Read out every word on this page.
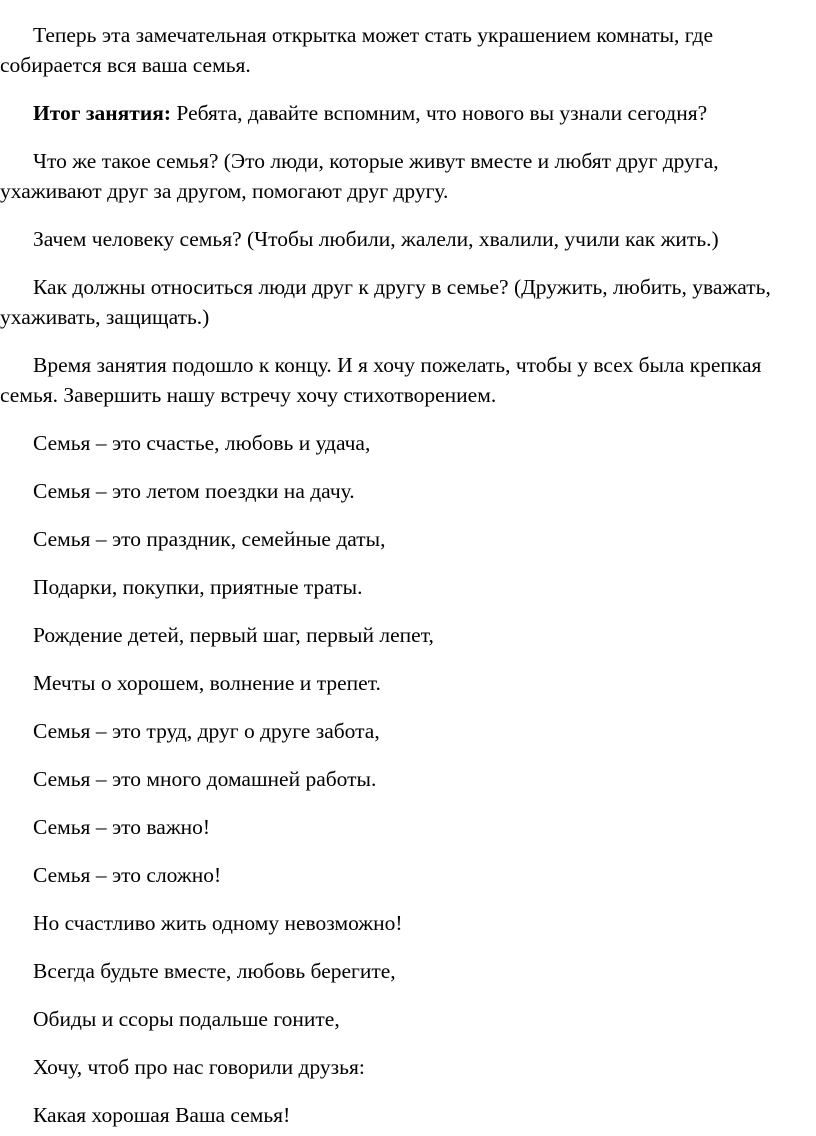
Теперь эта замечательная открытка может стать украшением комнаты, где собирается вся ваша семья.

Итог занятия: Ребята, давайте вспомним, что нового вы узнали сегодня?

Что же такое семья? (Это люди, которые живут вместе и любят друг друга, ухаживают друг за другом, помогают друг другу.

Зачем человеку семья? (Чтобы любили, жалели, хвалили, учили как жить.)

Как должны относиться люди друг к другу в семье? (Дружить, любить, уважать, ухаживать, защищать.)

Время занятия подошло к концу. И я хочу пожелать, чтобы у всех была крепкая семья. Завершить нашу встречу хочу стихотворением.

Семья – это счастье, любовь и удача,

Семья – это летом поездки на дачу.

Семья – это праздник, семейные даты,

Подарки, покупки, приятные траты.

Рождение детей, первый шаг, первый лепет,

Мечты о хорошем, волнение и трепет.

Семья – это труд, друг о друге забота,

Семья – это много домашней работы.

Семья – это важно!

Семья – это сложно!

Но счастливо жить одному невозможно!

Всегда будьте вместе, любовь берегите,

Обиды и ссоры подальше гоните,

Хочу, чтоб про нас говорили друзья:

Какая хорошая Ваша семья!
